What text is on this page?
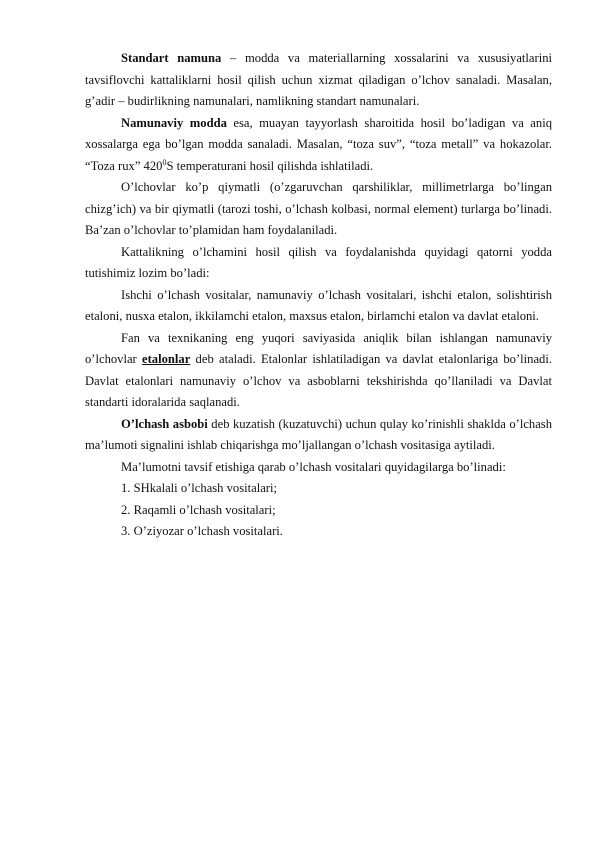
Standart namuna – modda va materiallarning xossalarini va xususiyatlarini tavsiflovchi kattaliklarni hosil qilish uchun xizmat qiladigan o’lchov sanaladi. Masalan, g’adir – budirlikning namunalari, namlikning standart namunalari.

Namunaviy modda esa, muayan tayyorlash sharoitida hosil bo’ladigan va aniq xossalarga ega bo’lgan modda sanaladi. Masalan, “toza suv”, “toza metall” va hokazolar. “Toza rux” $420^0S$ temperaturani hosil qilishda ishlatiladi.

O’lchovlar ko’p qiymatli (o’zgaruvchan qarshiliklar, millimetrlarga bo’lingan chizg’ich) va bir qiymatli (tarozi toshi, o’lchash kolbasi, normal element) turlarga bo’linadi. Ba’zan o’lchovlar to’plamidan ham foydalaniladi.

Kattalikning o’lchamini hosil qilish va foydalanishda quyidagi qatorni yodda tutishimiz lozim bo’ladi:

Ishchi o’lchash vositalar, namunaviy o’lchash vositalari, ishchi etalon, solishtirish etaloni, nusxa etalon, ikkilamchi etalon, maxsus etalon, birlamchi etalon va davlat etaloni.

Fan va texnikaning eng yuqori saviyasida aniqlik bilan ishlangan namunaviy o’lchovlar etalonlar deb ataladi. Etalonlar ishlatiladigan va davlat etalonlariga bo’linadi. Davlat etalonlari namunaviy o’lchov va asboblarni tekshirishda qo’llaniladi va Davlat standarti idoralarida saqlanadi.

O’lchash asbobi deb kuzatish (kuzatuvchi) uchun qulay ko’rinishli shaklda o’lchash ma’lumoti signalini ishlab chiqarishga mo’ljallangan o’lchash vositasiga aytiladi.

Ma’lumotni tavsif etishiga qarab o’lchash vositalari quyidagilarga bo’linadi:

1. SHkalali o’lchash vositalari;

2. Raqamli o’lchash vositalari;

3. O’ziyozar o’lchash vositalari.
